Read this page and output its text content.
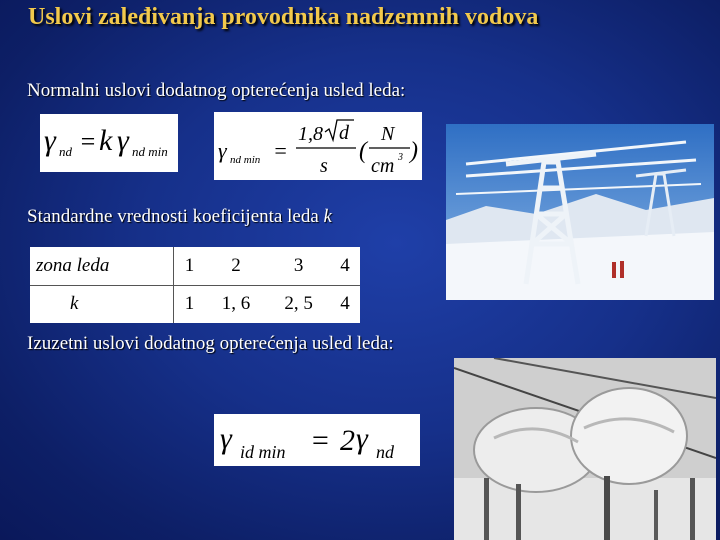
Uslovi zaleđivanja provodnika nadzemnih vodova
Normalni uslovi dodatnog opterećenja usled leda:
γ nd = k γ nd min γ nd min =
1,8 d
s
(
N
cm 3 )
Standardne vrednosti koeficijenta leda k
zona leda	1	2	3	4
k	1	1, 6	2, 5	4
Izuzetni uslovi dodatnog opterećenja usled leda:
γ id min = 2 γ nd
